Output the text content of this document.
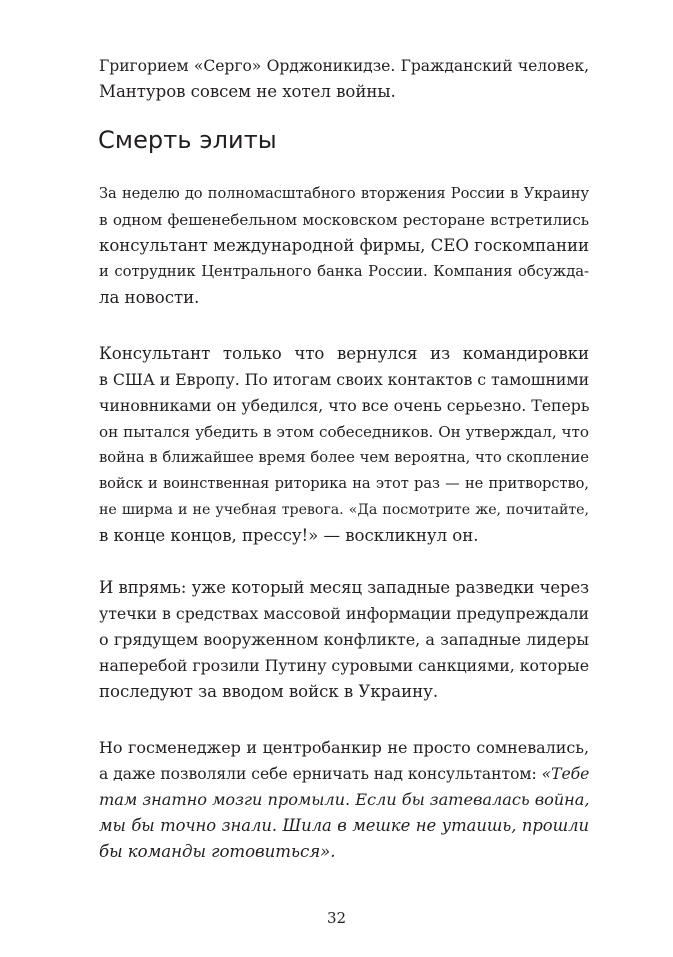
Григорием «Серго» Орджоникидзе. Гражданский человек,
Мантуров совсем не хотел войны.
Смерть элиты
За неделю до полномасштабного вторжения России в Украину
в одном фешенебельном московском ресторане встретились
консультант международной фирмы, CEO госкомпании
и сотрудник Центрального банка России. Компания обсужда-
ла новости.
Консультант только что вернулся из командировки
в США и Европу. По итогам своих контактов с тамошними
чиновниками он убедился, что все очень серьезно. Теперь
он пытался убедить в этом собеседников. Он утверждал, что
война в ближайшее время более чем вероятна, что скопление
войск и воинственная риторика на этот раз — не притворство,
не ширма и не учебная тревога. «Да посмотрите же, почитайте,
в конце концов, прессу!» — воскликнул он.
И впрямь: уже который месяц западные разведки через
утечки в средствах массовой информации предупреждали
о грядущем вооруженном конфликте, а западные лидеры
наперебой грозили Путину суровыми санкциями, которые
последуют за вводом войск в Украину.
Но госменеджер и центробанкир не просто сомневались,
а даже позволяли себе ерничать над консультантом: «Тебе
там знатно мозги промыли. Если бы затевалась война,
мы бы точно знали. Шила в мешке не утаишь, прошли
бы команды готовиться».
32
